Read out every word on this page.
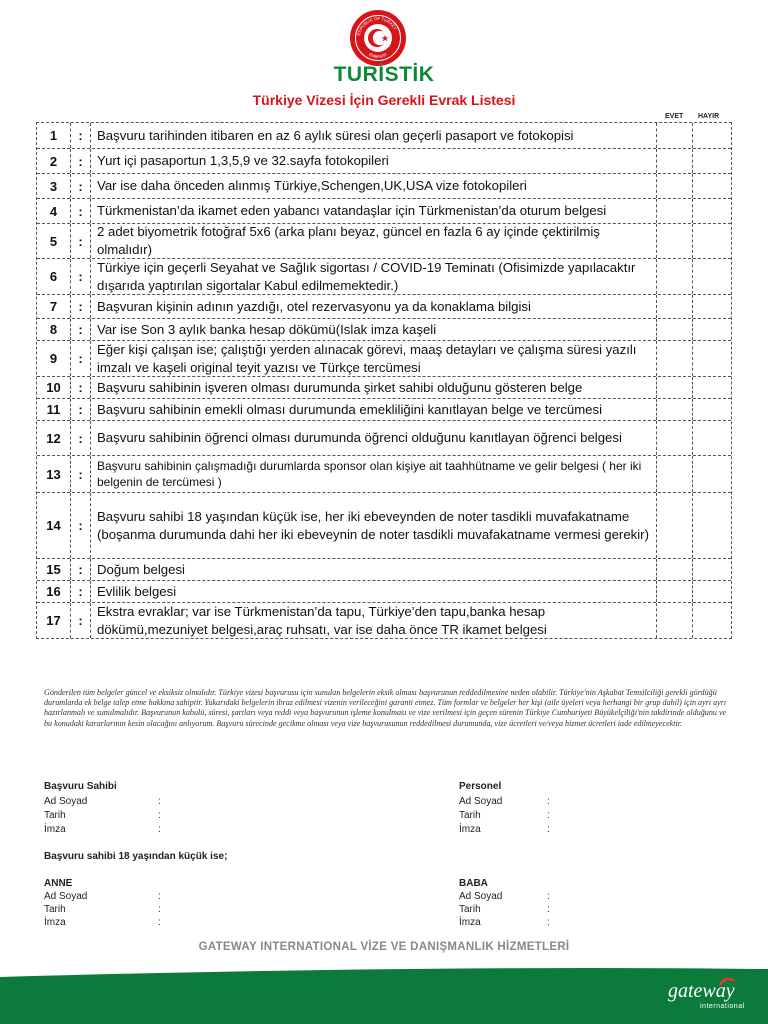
REPUBLIC OF TURKEY
EMBASSY
TURİSTİK
Türkiye Vizesi İçin Gerekli Evrak Listesi
EVET HAYIR
1	:	Başvuru tarihinden itibaren en az 6 aylık süresi olan geçerli pasaport ve fotokopisi
2	:	Yurt içi pasaportun 1,3,5,9 ve 32.sayfa fotokopileri
3	:	Var ise daha önceden alınmış Türkiye,Schengen,UK,USA vize fotokopileri
4	:	Türkmenistan’da ikamet eden yabancı vatandaşlar için Türkmenistan’da oturum belgesi
5	:
2 adet biyometrik fotoğraf 5x6 (arka planı beyaz, güncel en fazla 6 ay içinde çektirilmiş olmalıdır)
6	:
Türkiye için geçerli Seyahat ve Sağlık sigortası / COVID-19 Teminatı (Ofisimizde yapılacaktır dışarıda yaptırılan sigortalar Kabul edilmemektedir.)
7	:	Başvuran kişinin adının yazdığı, otel rezervasyonu ya da konaklama bilgisi
8	:	Var ise Son 3 aylık banka hesap dökümü(Islak imza kaşeli
9	:
Eğer kişi çalışan ise; çalıştığı yerden alınacak görevi, maaş detayları ve çalışma süresi yazılı imzalı ve kaşeli original teyit yazısı ve Türkçe tercümesi
10	:	Başvuru sahibinin işveren olması durumunda şirket sahibi olduğunu gösteren belge
11	:	Başvuru sahibinin emekli olması durumunda emekliliğini kanıtlayan belge ve tercümesi
12	:	Başvuru sahibinin öğrenci olması durumunda öğrenci olduğunu kanıtlayan öğrenci belgesi
13	:
Başvuru sahibinin çalışmadığı durumlarda sponsor olan kişiye ait taahhütname ve gelir belgesi ( her iki belgenin de tercümesi )
14	:
Başvuru sahibi 18 yaşından küçük ise, her iki ebeveynden de noter tasdikli muvafakatname (boşanma durumunda dahi her iki ebeveynin de noter tasdikli muvafakatname vermesi gerekir)
15	:	Doğum belgesi
16	:	Evlilik belgesi
17	:
Ekstra evraklar; var ise Türkmenistan’da tapu, Türkiye’den tapu,banka hesap dökümü,mezuniyet belgesi,araç ruhsatı, var ise daha önce TR ikamet belgesi
Gönderilen tüm belgeler güncel ve eksiksiz olmalıdır. Türkiye vizesi başvurusu için sunulan belgelerin eksik olması başvurunun reddedilmesine neden olabilir. Türkiye'nin Aşkabat Temsilciliği gerekli gördüğü durumlarda ek belge talep etme hakkına sahiptir. Yukarıdaki belgelerin ibraz edilmesi vizenin verileceğini garanti etmez. Tüm formlar ve belgeler her kişi (aile üyeleri veya herhangi bir grup dahil) için ayrı ayrı hazırlanmalı ve sunulmalıdır. Başvurunun kabulü, süresi, şartları veya reddi veya başvurunun işleme konulması ve vize verilmesi için geçen sürenin Türkiye Cumhuriyeti Büyükelçiliği'nin takdirinde olduğunu ve bu konudaki kararlarının kesin olacağını anlıyorum. Başvuru sürecinde gecikme olması veya vize başvurusunun reddedilmesi durumunda, vize ücretleri ve/veya hizmet ücretleri iade edilmeyecektir.
Başvuru Sahibi
Ad Soyad	:
Tarih	:
İmza	:
Personel
Ad Soyad	:
Tarih	:
İmza	:
Başvuru sahibi 18 yaşından küçük ise;
ANNE
Ad Soyad	:
Tarih	:
İmza	:
BABA
Ad Soyad	:
Tarih	:
İmza	:
GATEWAY INTERNATIONAL VİZE VE DANIŞMANLIK HİZMETLERİ
gateway
international
